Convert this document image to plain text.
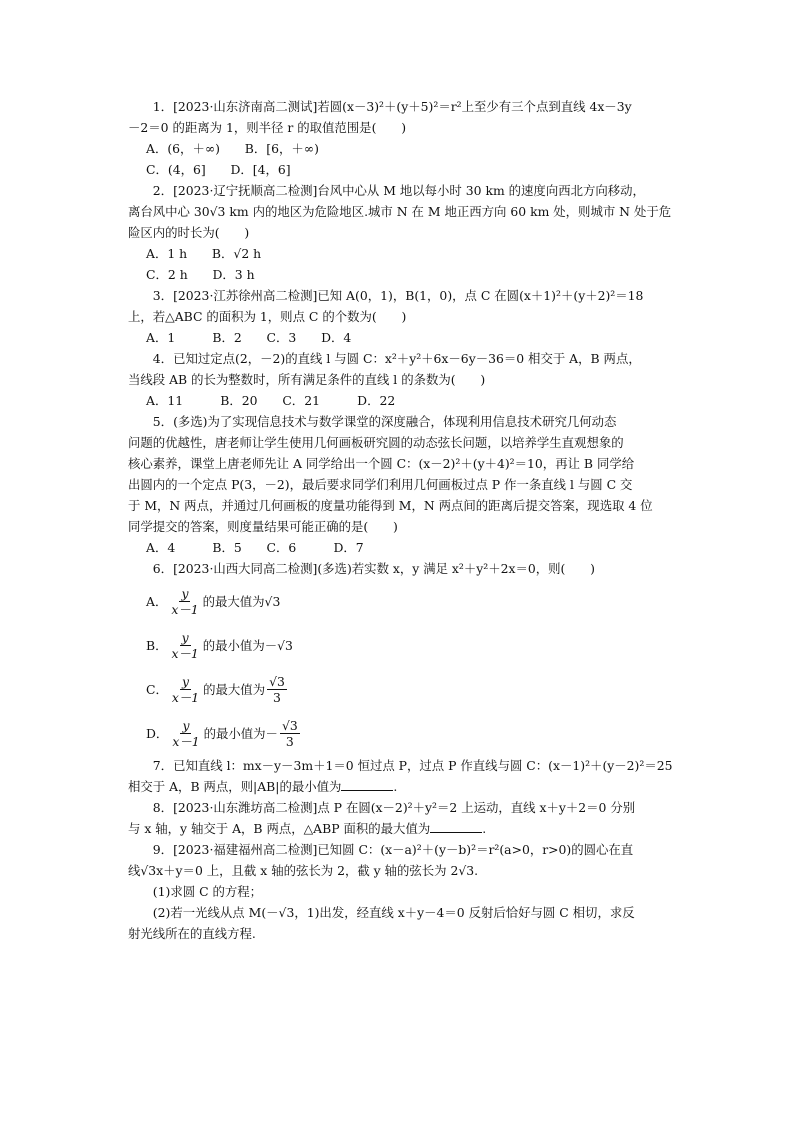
1．[2023·山东济南高二测试]若圆(x－3)²＋(y＋5)²＝r²上至少有三个点到直线 4x－3y

－2＝0 的距离为 1，则半径 r 的取值范围是(　　)

A．(6，＋∞)　　B．[6，＋∞)

C．(4，6]　　D．[4，6]

2．[2023·辽宁抚顺高二检测]台风中心从 M 地以每小时 30 km 的速度向西北方向移动，

离台风中心 30√3 km 内的地区为危险地区.城市 N 在 M 地正西方向 60 km 处，则城市 N 处于危

险区内的时长为(　　)

A．1 h　　B．√2 h

C．2 h　　D．3 h

3．[2023·江苏徐州高二检测]已知 A(0，1)，B(1，0)，点 C 在圆(x＋1)²＋(y＋2)²＝18

上，若△ABC 的面积为 1，则点 C 的个数为(　　)

A．1　　　B．2　　C．3　　D．4

4．已知过定点(2，－2)的直线 l 与圆 C：x²＋y²＋6x－6y－36＝0 相交于 A，B 两点，

当线段 AB 的长为整数时，所有满足条件的直线 l 的条数为(　　)

A．11　　　B．20　　C．21　　　D．22

5．(多选)为了实现信息技术与数学课堂的深度融合，体现利用信息技术研究几何动态

问题的优越性，唐老师让学生使用几何画板研究圆的动态弦长问题，以培养学生直观想象的

核心素养，课堂上唐老师先让 A 同学给出一个圆 C：(x－2)²＋(y＋4)²＝10，再让 B 同学给

出圆内的一个定点 P(3，－2)，最后要求同学们利用几何画板过点 P 作一条直线 l 与圆 C 交

于 M，N 两点，并通过几何画板的度量功能得到 M，N 两点间的距离后提交答案，现选取 4 位

同学提交的答案，则度量结果可能正确的是(　　)

A．4　　　B．5　　C．6　　　D．7

6．[2023·山西大同高二检测](多选)若实数 x，y 满足 x²＋y²＋2x＝0，则(　　)

A． $\frac{y}{x-1}$ 的最大值为√3
B． $\frac{y}{x-1}$ 的最小值为－√3
C． $\frac{y}{x-1}$ 的最大值为 $\frac{√3}{3}$
D． $\frac{y}{x-1}$ 的最小值为 － $\frac{√3}{3}$

7．已知直线 l：mx－y－3m＋1＝0 恒过点 P，过点 P 作直线与圆 C：(x－1)²＋(y－2)²＝25

相交于 A，B 两点，则|AB|的最小值为	.

8．[2023·山东潍坊高二检测]点 P 在圆(x－2)²＋y²＝2 上运动，直线 x＋y＋2＝0 分别

与 x 轴，y 轴交于 A，B 两点，△ABP 面积的最大值为	.

9．[2023·福建福州高二检测]已知圆 C：(x－a)²＋(y－b)²＝r²(a>0，r>0)的圆心在直

线√3x＋y＝0 上，且截 x 轴的弦长为 2，截 y 轴的弦长为 2√3.

(1)求圆 C 的方程；

(2)若一光线从点 M(－√3，1)出发，经直线 x＋y－4＝0 反射后恰好与圆 C 相切，求反

射光线所在的直线方程.
